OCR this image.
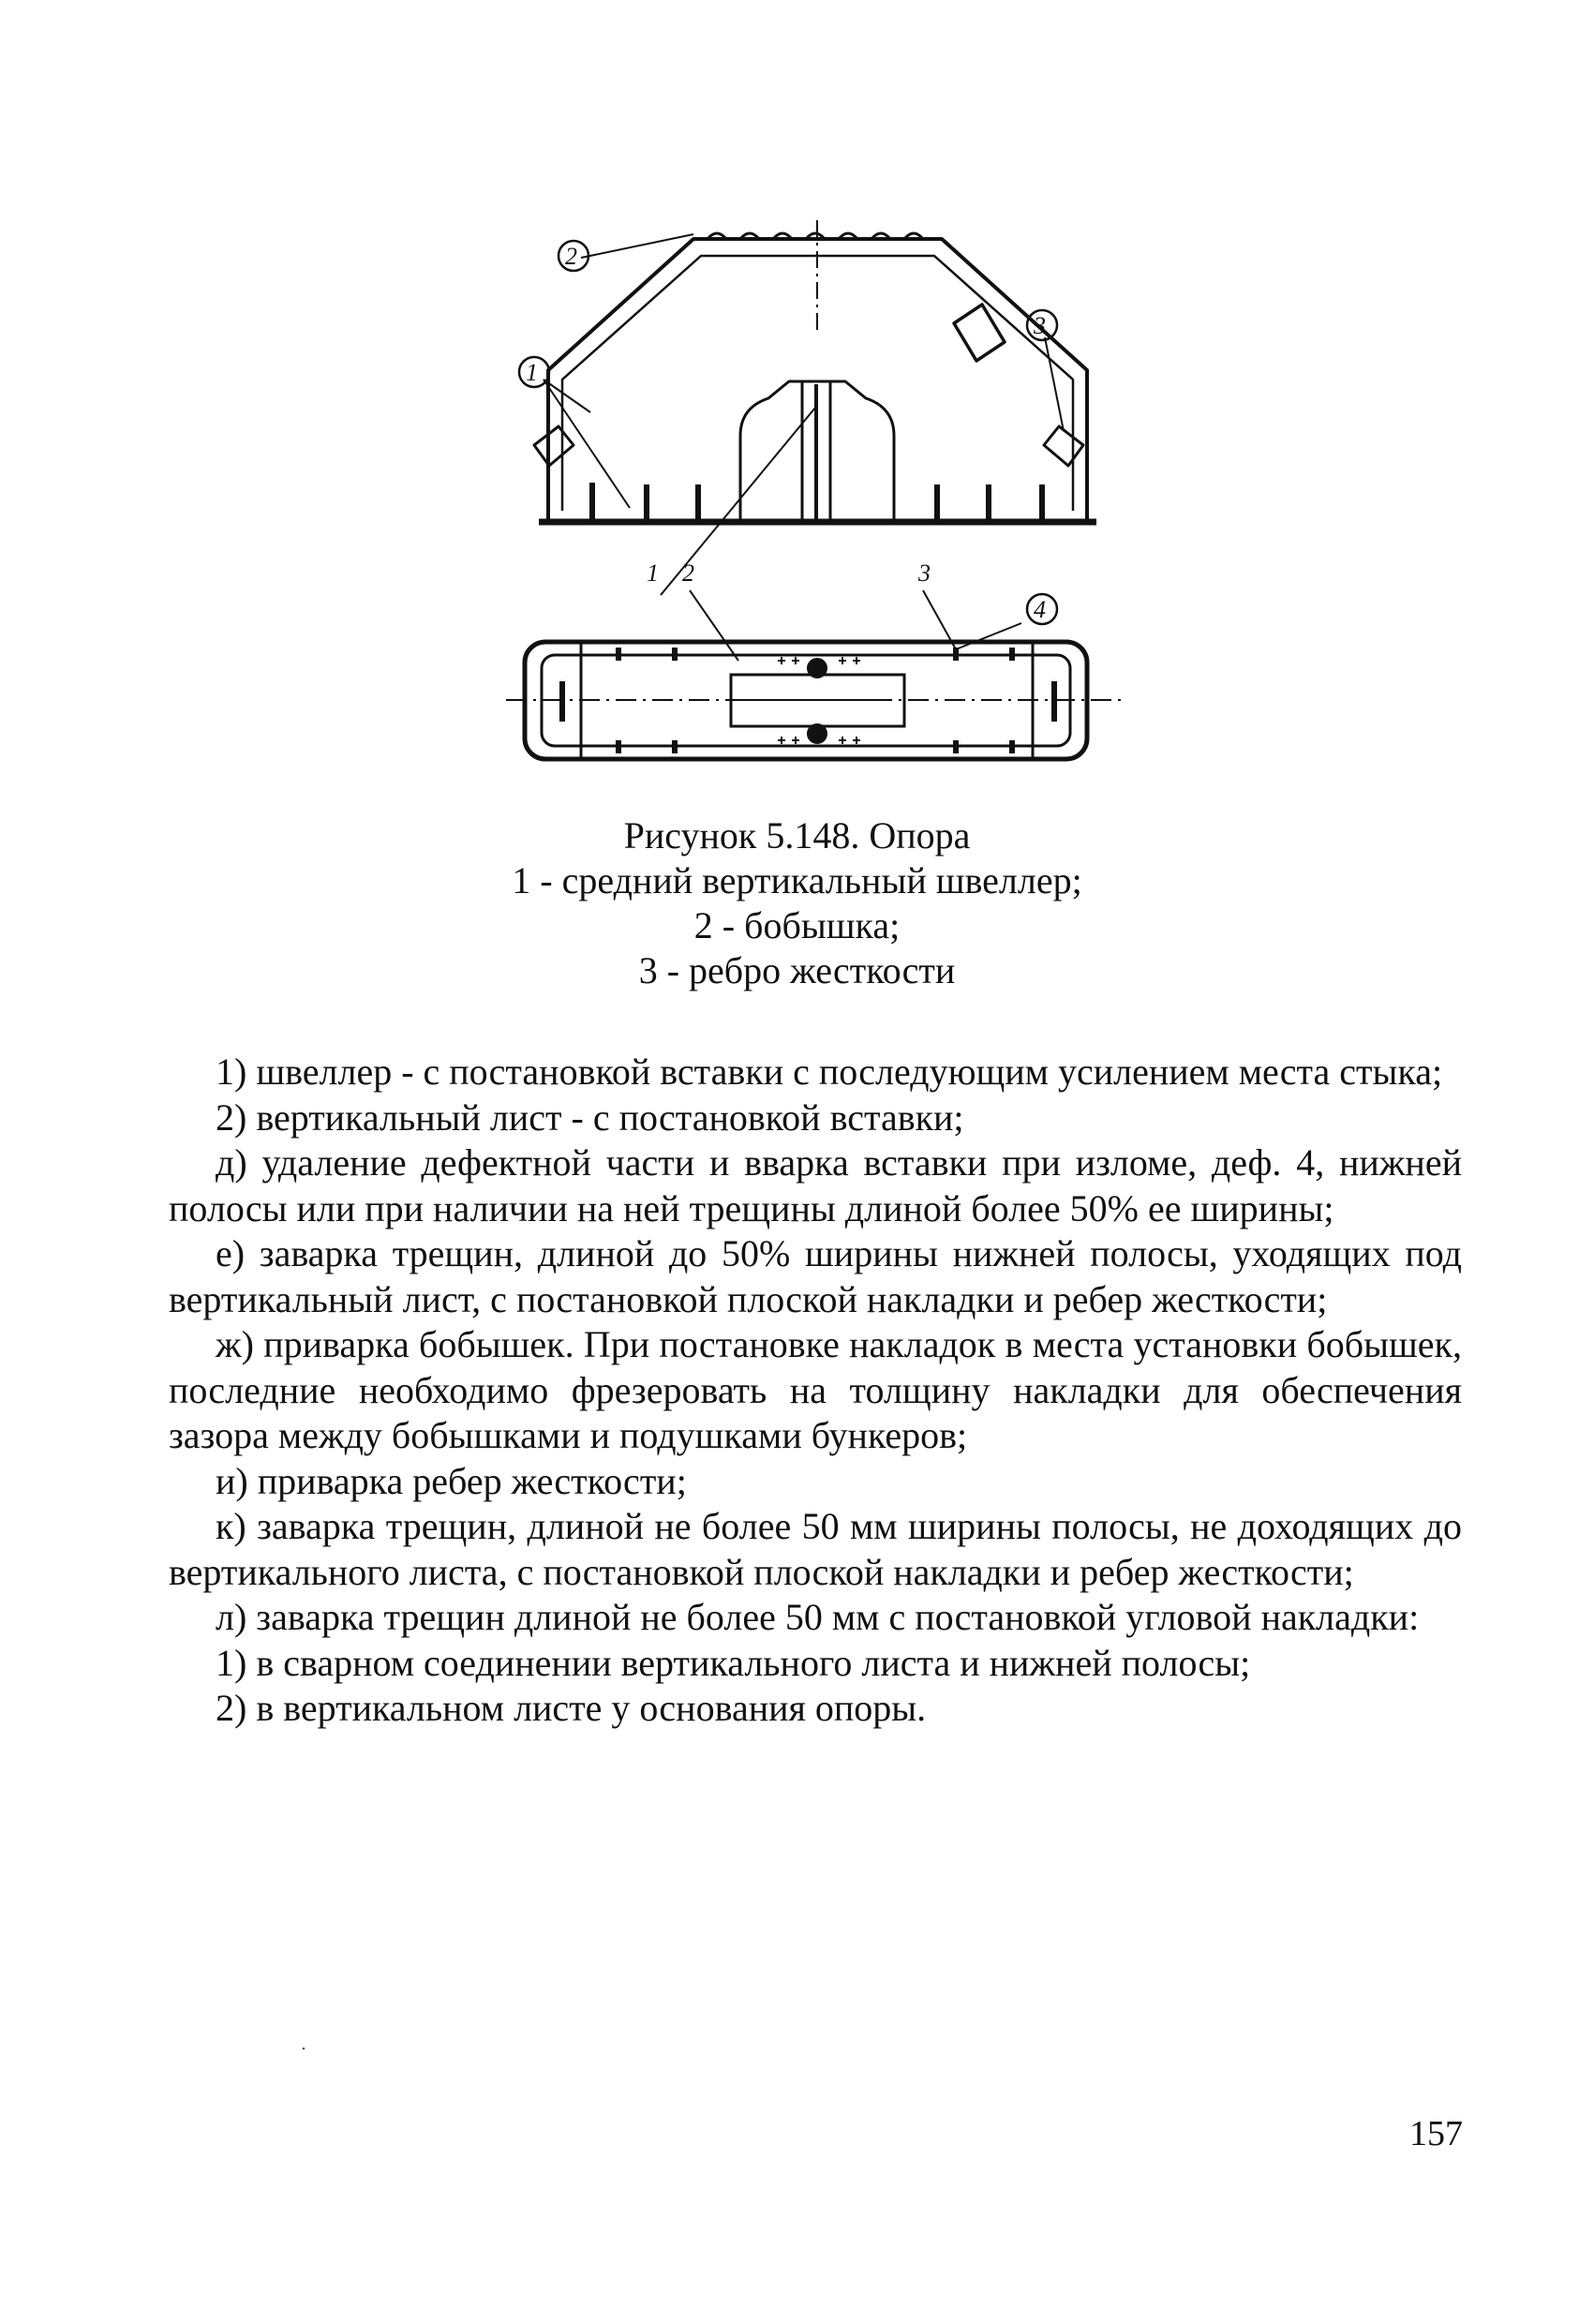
2
3
1
1 2	3
4
Рисунок 5.148. Опора
1 - средний вертикальный швеллер;
2 - бобышка;
3 - ребро жесткости

1) швеллер - с постановкой вставки с последующим усилением места стыка;

2) вертикальный лист - с постановкой вставки;

д) удаление дефектной части и вварка вставки при изломе, деф. 4, нижней полосы или при наличии на ней трещины длиной более 50% ее ширины;

е) заварка трещин, длиной до 50% ширины нижней полосы, уходящих под вертикальный лист, с постановкой плоской накладки и ребер жесткости;

ж) приварка бобышек. При постановке накладок в места установки бобышек, последние необходимо фрезеровать на толщину накладки для обеспечения зазора между бобышками и подушками бункеров;

и) приварка ребер жесткости;

к) заварка трещин, длиной не более 50 мм ширины полосы, не доходящих до вертикального листа, с постановкой плоской накладки и ребер жесткости;

л) заварка трещин длиной не более 50 мм с постановкой угловой накладки:

1) в сварном соединении вертикального листа и нижней полосы;

2) в вертикальном листе у основания опоры.

157
